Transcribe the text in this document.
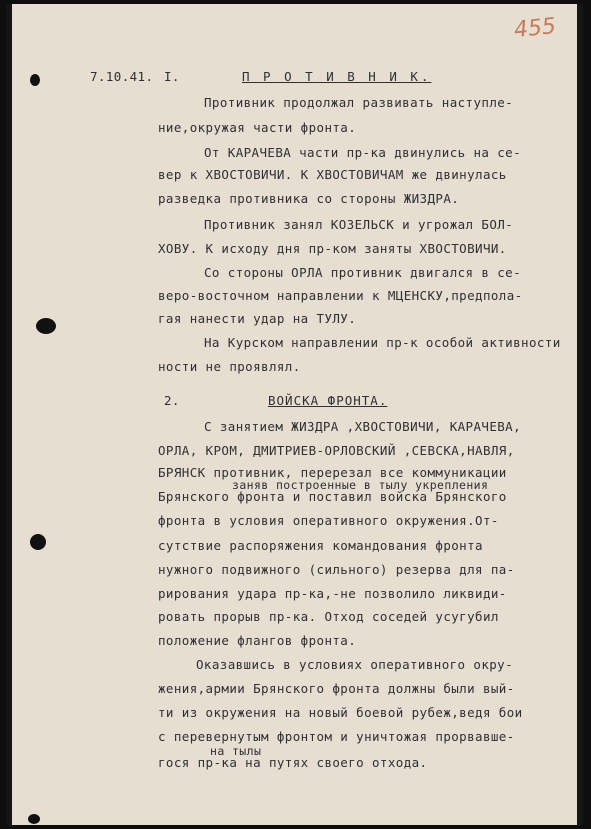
455
7.10.41. I.	П Р О Т И В Н И К.
Противник продолжал развивать наступле-
ние,окружая части фронта.
От КАРАЧЕВА части пр-ка двинулись на се-
вер к ХВОСТОВИЧИ. К ХВОСТОВИЧАМ же двинулась
разведка противника со стороны ЖИЗДРА.
Противник занял КОЗЕЛЬСК и угрожал БОЛ-
ХОВУ. К исходу дня пр-ком заняты ХВОСТОВИЧИ.
Со стороны ОРЛА противник двигался в се-
веро-восточном направлении к МЦЕНСКУ,предпола-
гая нанести удар на ТУЛУ.
На Курском направлении пр-к особой активности
ности не проявлял.
2.	ВОЙСКА ФРОНТА.
С занятием ЖИЗДРА ,ХВОСТОВИЧИ, КАРАЧЕВА,
ОРЛА, КРОМ, ДМИТРИЕВ-ОРЛОВСКИЙ ,СЕВСКА,НАВЛЯ,
БРЯНСК противник, перерезал все коммуникации
заняв построенные в тылу укрепления
Брянского фронта и поставил войска Брянского
фронта в условия оперативного окружения.От-
сутствие распоряжения командования фронта
нужного подвижного (сильного) резерва для па-
рирования удара пр-ка,-не позволило ликвиди-
ровать прорыв пр-ка. Отход соседей усугубил
положение флангов фронта.
Оказавшись в условиях оперативного окру-
жения,армии Брянского фронта должны были вый-
ти из окружения на новый боевой рубеж,ведя бои
с перевернутым фронтом и уничтожая прорвавше-
на тылы
гося пр-ка на путях своего отхода.
